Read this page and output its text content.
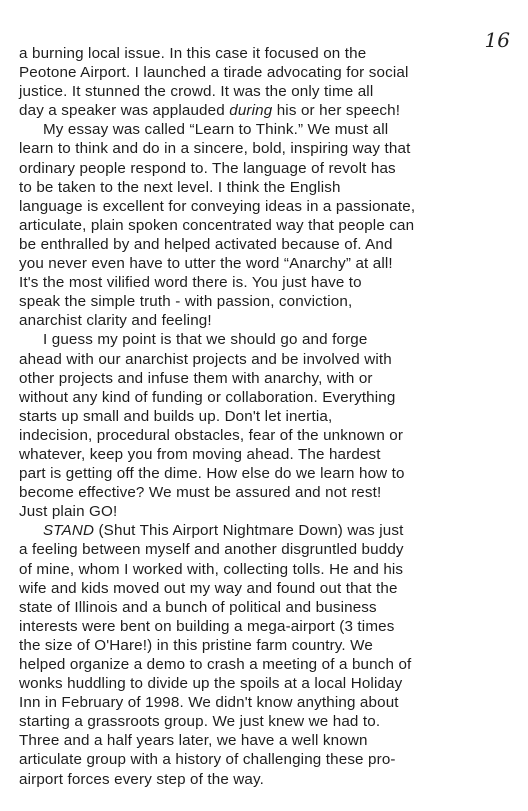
16
a burning local issue. In this case it focused on the
Peotone Airport. I launched a tirade advocating for social
justice. It stunned the crowd. It was the only time all
day a speaker was applauded during his or her speech!
My essay was called “Learn to Think.” We must all
learn to think and do in a sincere, bold, inspiring way that
ordinary people respond to. The language of revolt has
to be taken to the next level. I think the English
language is excellent for conveying ideas in a passionate,
articulate, plain spoken concentrated way that people can
be enthralled by and helped activated because of. And
you never even have to utter the word “Anarchy” at all!
It's the most vilified word there is. You just have to
speak the simple truth - with passion, conviction,
anarchist clarity and feeling!
I guess my point is that we should go and forge
ahead with our anarchist projects and be involved with
other projects and infuse them with anarchy, with or
without any kind of funding or collaboration. Everything
starts up small and builds up. Don't let inertia,
indecision, procedural obstacles, fear of the unknown or
whatever, keep you from moving ahead. The hardest
part is getting off the dime. How else do we learn how to
become effective? We must be assured and not rest!
Just plain GO!
STAND (Shut This Airport Nightmare Down) was just
a feeling between myself and another disgruntled buddy
of mine, whom I worked with, collecting tolls. He and his
wife and kids moved out my way and found out that the
state of Illinois and a bunch of political and business
interests were bent on building a mega-airport (3 times
the size of O'Hare!) in this pristine farm country. We
helped organize a demo to crash a meeting of a bunch of
wonks huddling to divide up the spoils at a local Holiday
Inn in February of 1998. We didn't know anything about
starting a grassroots group. We just knew we had to.
Three and a half years later, we have a well known
articulate group with a history of challenging these pro-
airport forces every step of the way.
